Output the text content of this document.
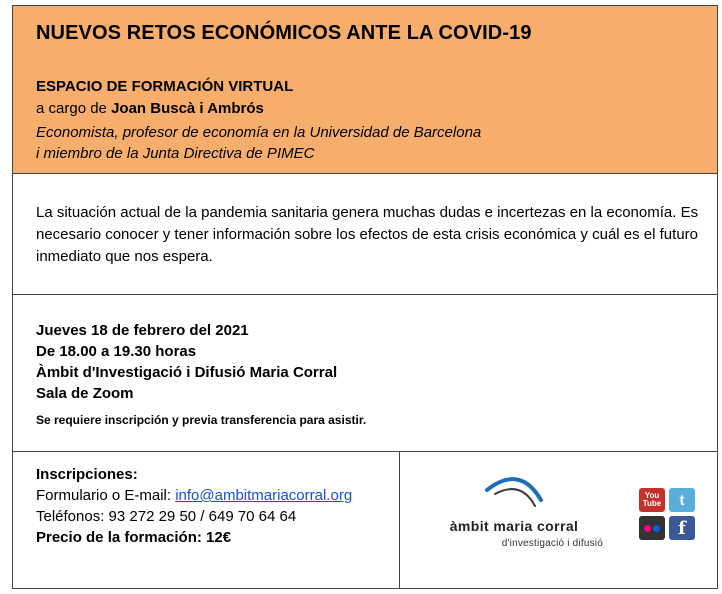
NUEVOS RETOS ECONÓMICOS ANTE LA COVID-19
ESPACIO DE FORMACIÓN VIRTUAL
a cargo de Joan Buscà i Ambrós
Economista, profesor de economía en la Universidad de Barcelona
i miembro de la Junta Directiva de PIMEC
La situación actual de la pandemia sanitaria genera muchas dudas e incertezas en la economía. Es necesario conocer y tener información sobre los efectos de esta crisis económica y cuál es el futuro inmediato que nos espera.
Jueves 18 de febrero del 2021
De 18.00 a 19.30 horas
Àmbit d'Investigació i Difusió Maria Corral
Sala de Zoom
Se requiere inscripción y previa transferencia para asistir.
Inscripciones:
Formulario o E-mail: info@ambitmariacorral.org
Teléfonos: 93 272 29 50 / 649 70 64 64
Precio de la formación: 12€
àmbit maria corral
d'investigació i difusió
You
Tube	t
f
